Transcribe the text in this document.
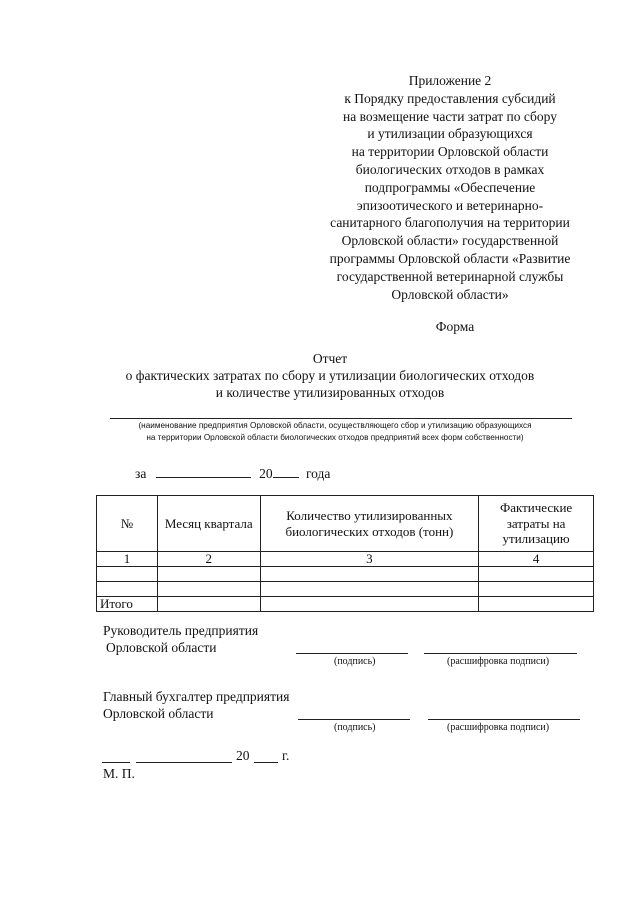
Приложение 2
к Порядку предоставления субсидий
на возмещение части затрат по сбору
и утилизации образующихся
на территории Орловской области
биологических отходов в рамках
подпрограммы «Обеспечение
эпизоотического и ветеринарно-
санитарного благополучия на территории
Орловской области» государственной
программы Орловской области «Развитие
государственной ветеринарной службы
Орловской области»
Форма
Отчет
о фактических затратах по сбору и утилизации биологических отходов
и количестве утилизированных отходов
(наименование предприятия Орловской области, осуществляющего сбор и утилизацию образующихся
на территории Орловской области биологических отходов предприятий всех форм собственности)
за	20 года
№	Месяц квартала	Количество утилизированных биологических отходов (тонн)	Фактические затраты на утилизацию
1	2	3	4

Итого			
Руководитель предприятия
Орловской области
(подпись)	(расшифровка подписи)
Главный бухгалтер предприятия
Орловской области
(подпись)	(расшифровка подписи)
20 г.
М. П.
